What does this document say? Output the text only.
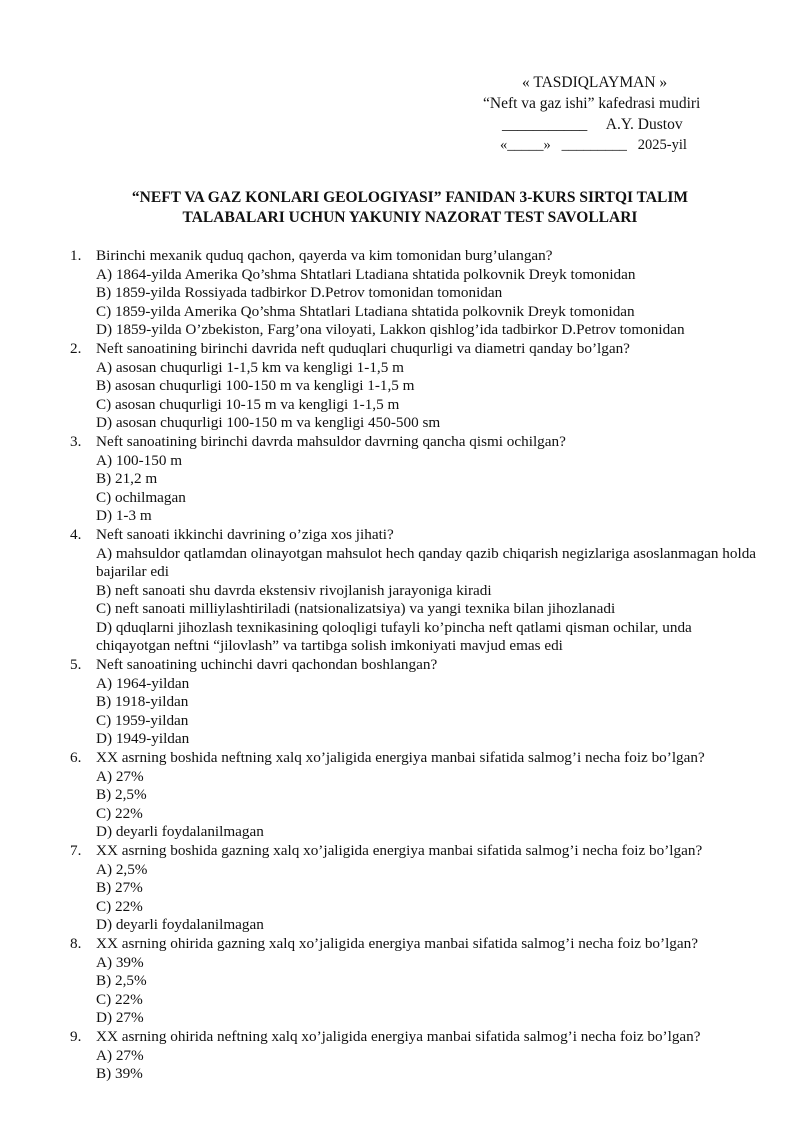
« TASDIQLAYMAN »
“Neft va gaz ishi” kafedrasi mudiri
___________     A.Y. Dustov
«_____»   _________   2025-yil
“NEFT VA GAZ KONLARI GEOLOGIYASI” FANIDAN 3-KURS SIRTQI TALIM
TALABALARI UCHUN YAKUNIY NAZORAT TEST SAVOLLARI
1. Birinchi mexanik quduq qachon, qayerda va kim tomonidan burg’ulangan?
A) 1864-yilda Amerika Qo’shma Shtatlari Ltadiana shtatida polkovnik Dreyk tomonidan
B) 1859-yilda Rossiyada tadbirkor D.Petrov tomonidan tomonidan
C) 1859-yilda Amerika Qo’shma Shtatlari Ltadiana shtatida polkovnik Dreyk tomonidan
D) 1859-yilda O’zbekiston, Farg’ona viloyati, Lakkon qishlog’ida tadbirkor D.Petrov tomonidan
2. Neft sanoatining birinchi davrida neft quduqlari chuqurligi va diametri qanday bo’lgan?
A) asosan chuqurligi 1-1,5 km va kengligi 1-1,5 m
B) asosan chuqurligi 100-150 m va kengligi 1-1,5 m
C) asosan chuqurligi 10-15 m va kengligi 1-1,5 m
D) asosan chuqurligi 100-150 m va kengligi 450-500 sm
3. Neft sanoatining birinchi davrda mahsuldor davrning qancha qismi ochilgan?
A) 100-150 m
B) 21,2 m
C) ochilmagan
D) 1-3 m
4. Neft sanoati ikkinchi davrining o’ziga xos jihati?
A) mahsuldor qatlamdan olinayotgan mahsulot hech qanday qazib chiqarish negizlariga asoslanmagan holda bajarilar edi
B) neft sanoati shu davrda ekstensiv rivojlanish jarayoniga kiradi
C) neft sanoati milliylashtiriladi (natsionalizatsiya) va yangi texnika bilan jihozlanadi
D) qduqlarni jihozlash texnikasining qoloqligi tufayli ko’pincha neft qatlami qisman ochilar, unda chiqayotgan neftni “jilovlash” va tartibga solish imkoniyati mavjud emas edi
5. Neft sanoatining uchinchi davri qachondan boshlangan?
A) 1964-yildan
B) 1918-yildan
C) 1959-yildan
D) 1949-yildan
6. XX asrning boshida neftning xalq xo’jaligida energiya manbai sifatida salmog’i necha foiz bo’lgan?
A) 27%
B) 2,5%
C) 22%
D) deyarli foydalanilmagan
7. XX asrning boshida gazning xalq xo’jaligida energiya manbai sifatida salmog’i necha foiz bo’lgan?
A) 2,5%
B) 27%
C) 22%
D) deyarli foydalanilmagan
8. XX asrning ohirida gazning xalq xo’jaligida energiya manbai sifatida salmog’i necha foiz bo’lgan?
A) 39%
B) 2,5%
C) 22%
D) 27%
9. XX asrning ohirida neftning xalq xo’jaligida energiya manbai sifatida salmog’i necha foiz bo’lgan?
A) 27%
B) 39%
